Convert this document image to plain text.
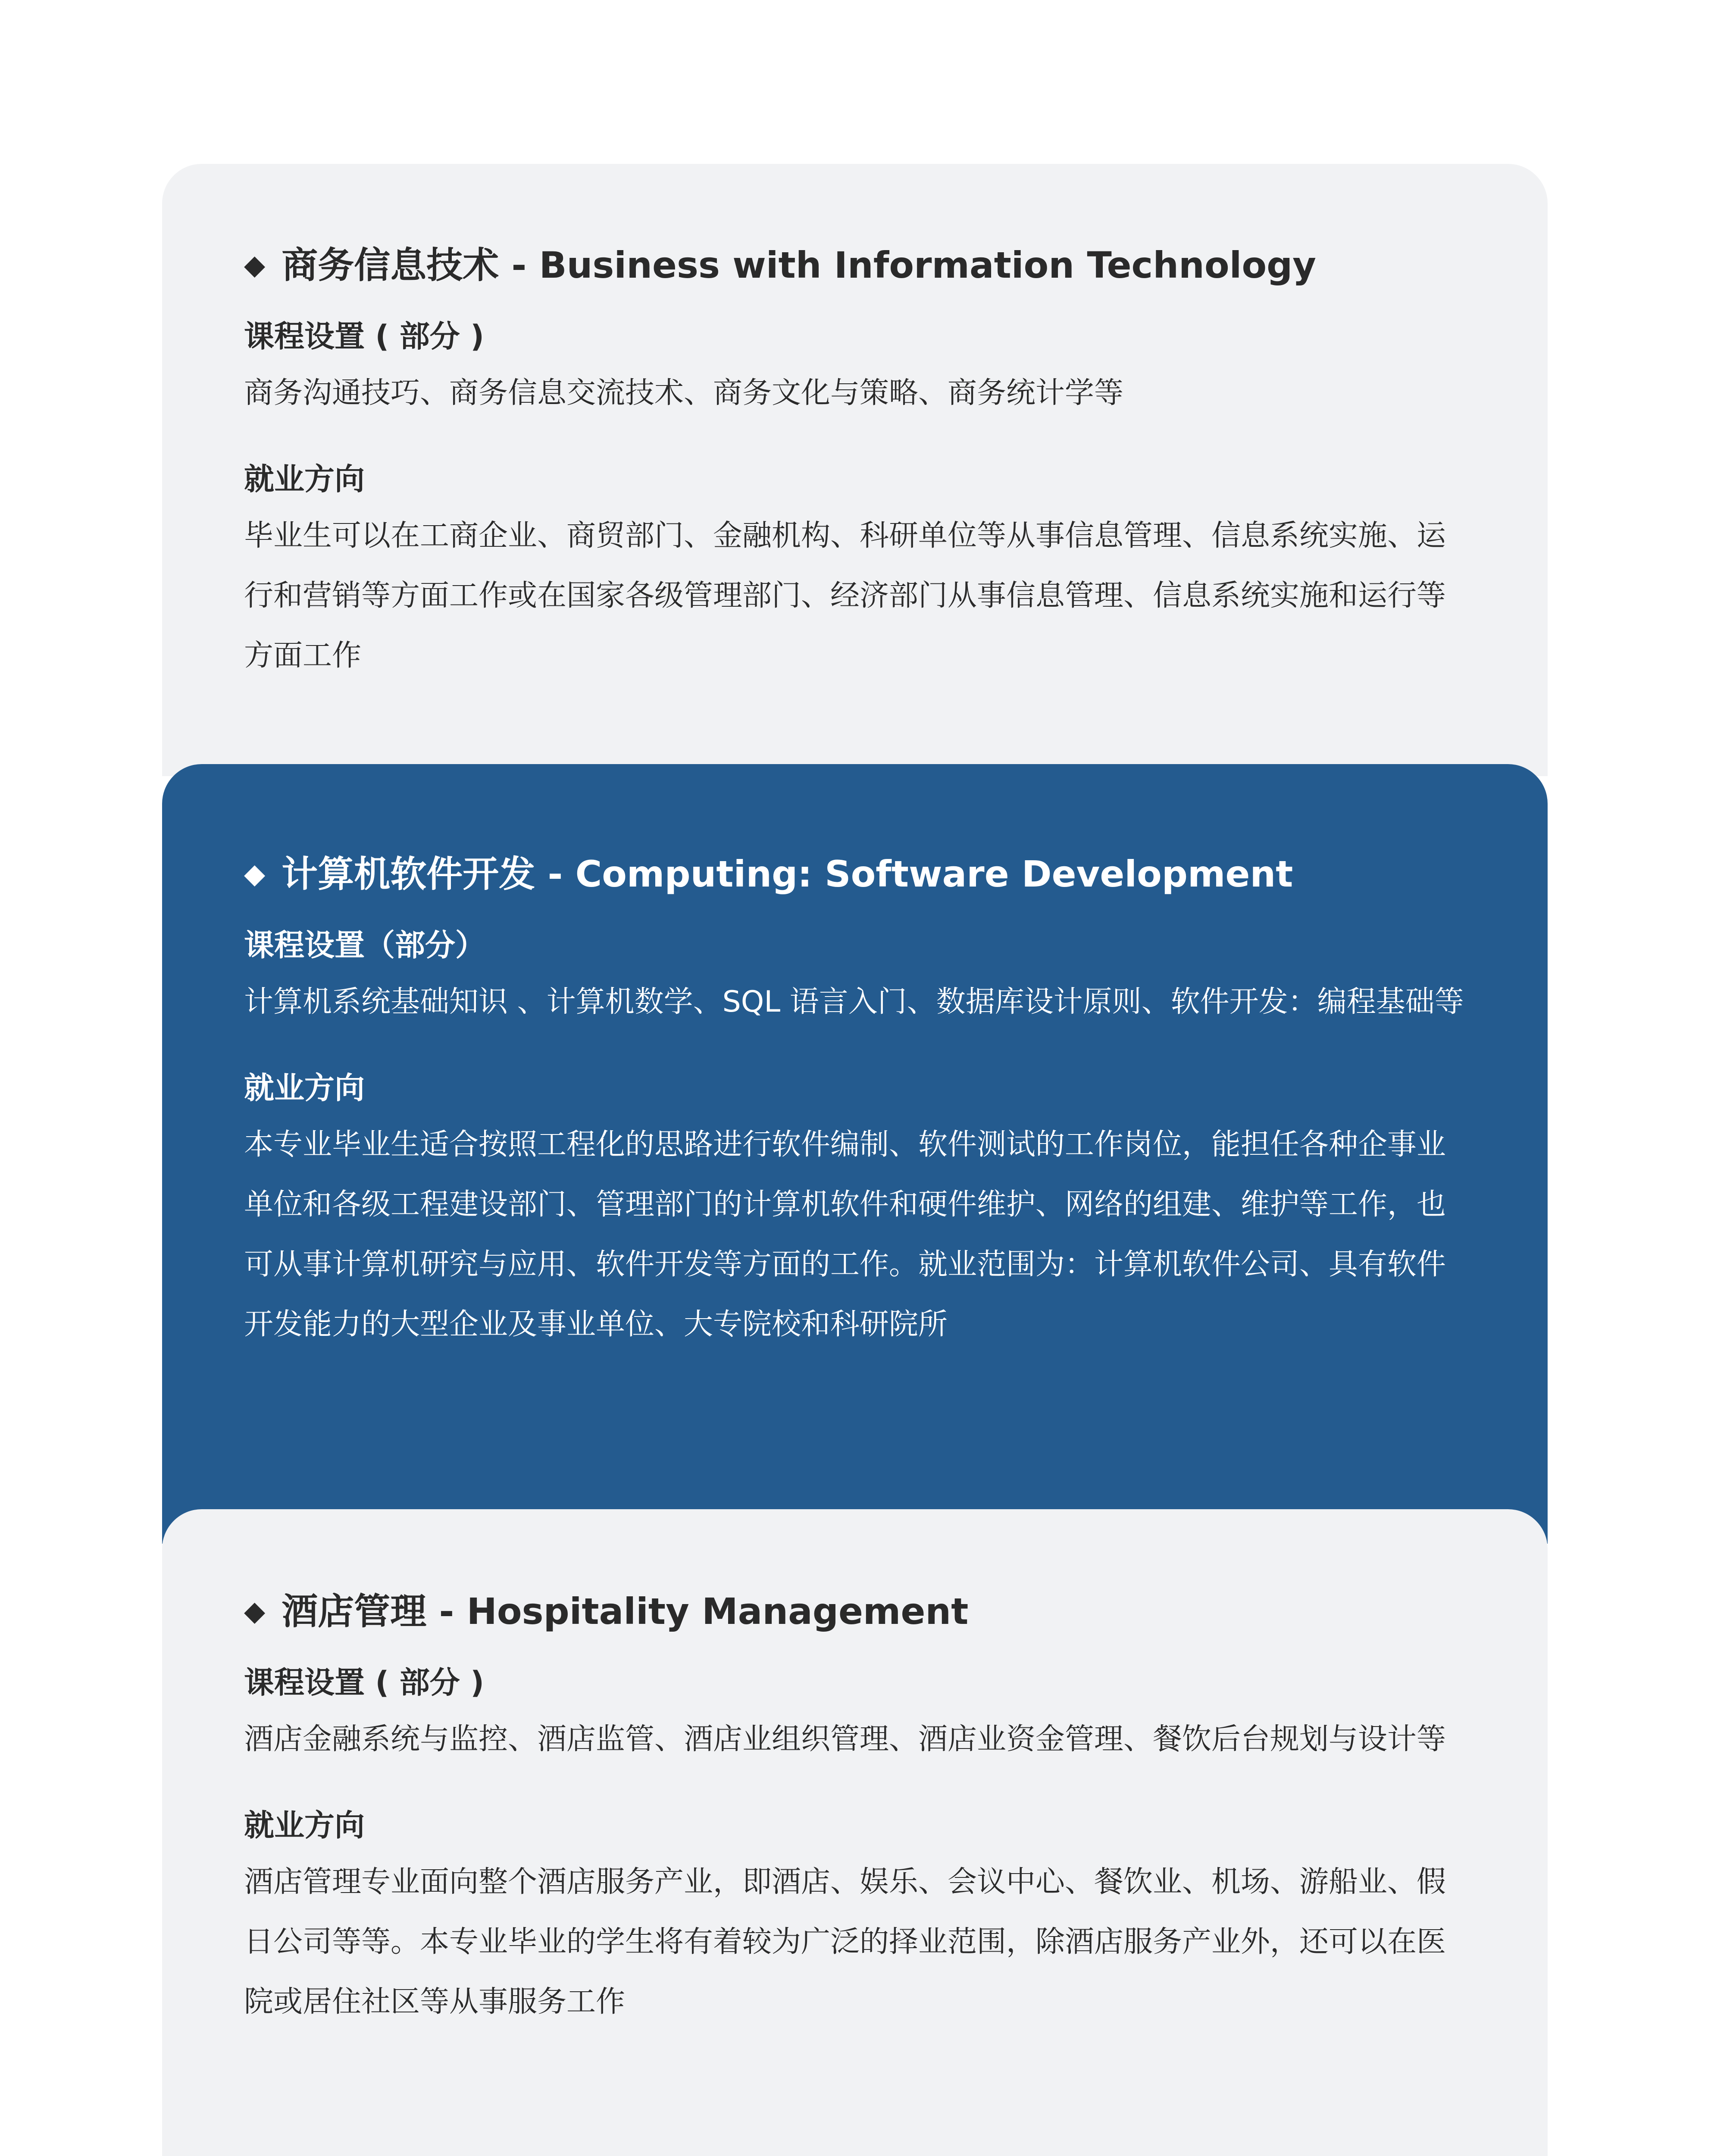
◆ 商务信息技术 - Business with Information Technology
课程设置 ( 部分 )

商务沟通技巧、商务信息交流技术、商务文化与策略、商务统计学等

就业方向

毕业生可以在工商企业、商贸部门、金融机构、科研单位等从事信息管理、信息系统实施、运行和营销等方面工作或在国家各级管理部门、经济部门从事信息管理、信息系统实施和运行等方面工作

◆ 计算机软件开发 - Computing: Software Development
课程设置（部分）

计算机系统基础知识 、计算机数学、SQL 语言入门、数据库设计原则、软件开发：编程基础等

就业方向

本专业毕业生适合按照工程化的思路进行软件编制、软件测试的工作岗位，能担任各种企事业单位和各级工程建设部门、管理部门的计算机软件和硬件维护、网络的组建、维护等工作，也可从事计算机研究与应用、软件开发等方面的工作。就业范围为：计算机软件公司、具有软件开发能力的大型企业及事业单位、大专院校和科研院所

◆ 酒店管理 - Hospitality Management
课程设置 ( 部分 )

酒店金融系统与监控、酒店监管、酒店业组织管理、酒店业资金管理、餐饮后台规划与设计等

就业方向

酒店管理专业面向整个酒店服务产业，即酒店、娱乐、会议中心、餐饮业、机场、游船业、假日公司等等。本专业毕业的学生将有着较为广泛的择业范围，除酒店服务产业外，还可以在医院或居住社区等从事服务工作
